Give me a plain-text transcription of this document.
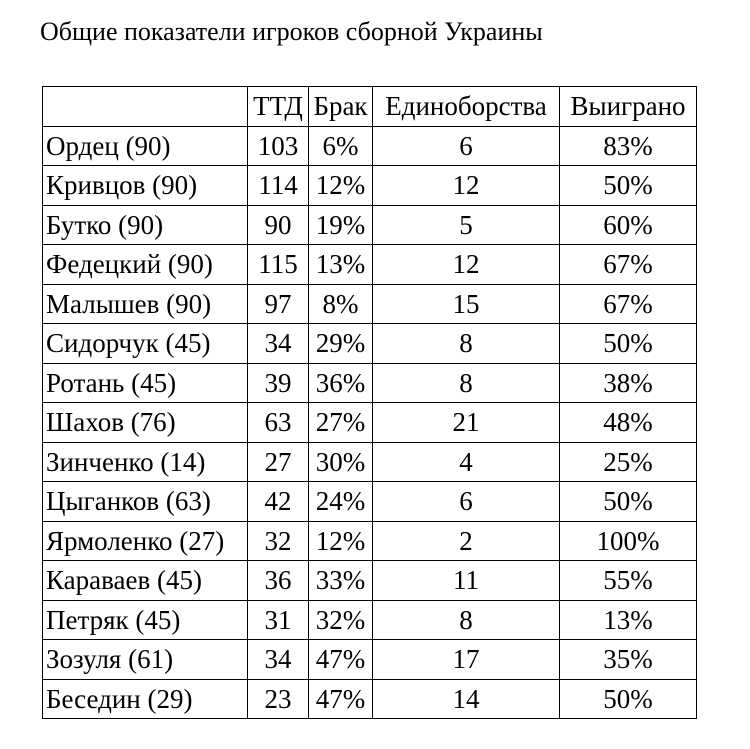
Общие показатели игроков сборной Украины
	ТТД	Брак	Единоборства	Выиграно
Ордец (90)	103	6%	6	83%
Кривцов (90)	114	12%	12	50%
Бутко (90)	90	19%	5	60%
Федецкий (90)	115	13%	12	67%
Малышев (90)	97	8%	15	67%
Сидорчук (45)	34	29%	8	50%
Ротань (45)	39	36%	8	38%
Шахов (76)	63	27%	21	48%
Зинченко (14)	27	30%	4	25%
Цыганков (63)	42	24%	6	50%
Ярмоленко (27)	32	12%	2	100%
Караваев (45)	36	33%	11	55%
Петряк (45)	31	32%	8	13%
Зозуля (61)	34	47%	17	35%
Беседин (29)	23	47%	14	50%
